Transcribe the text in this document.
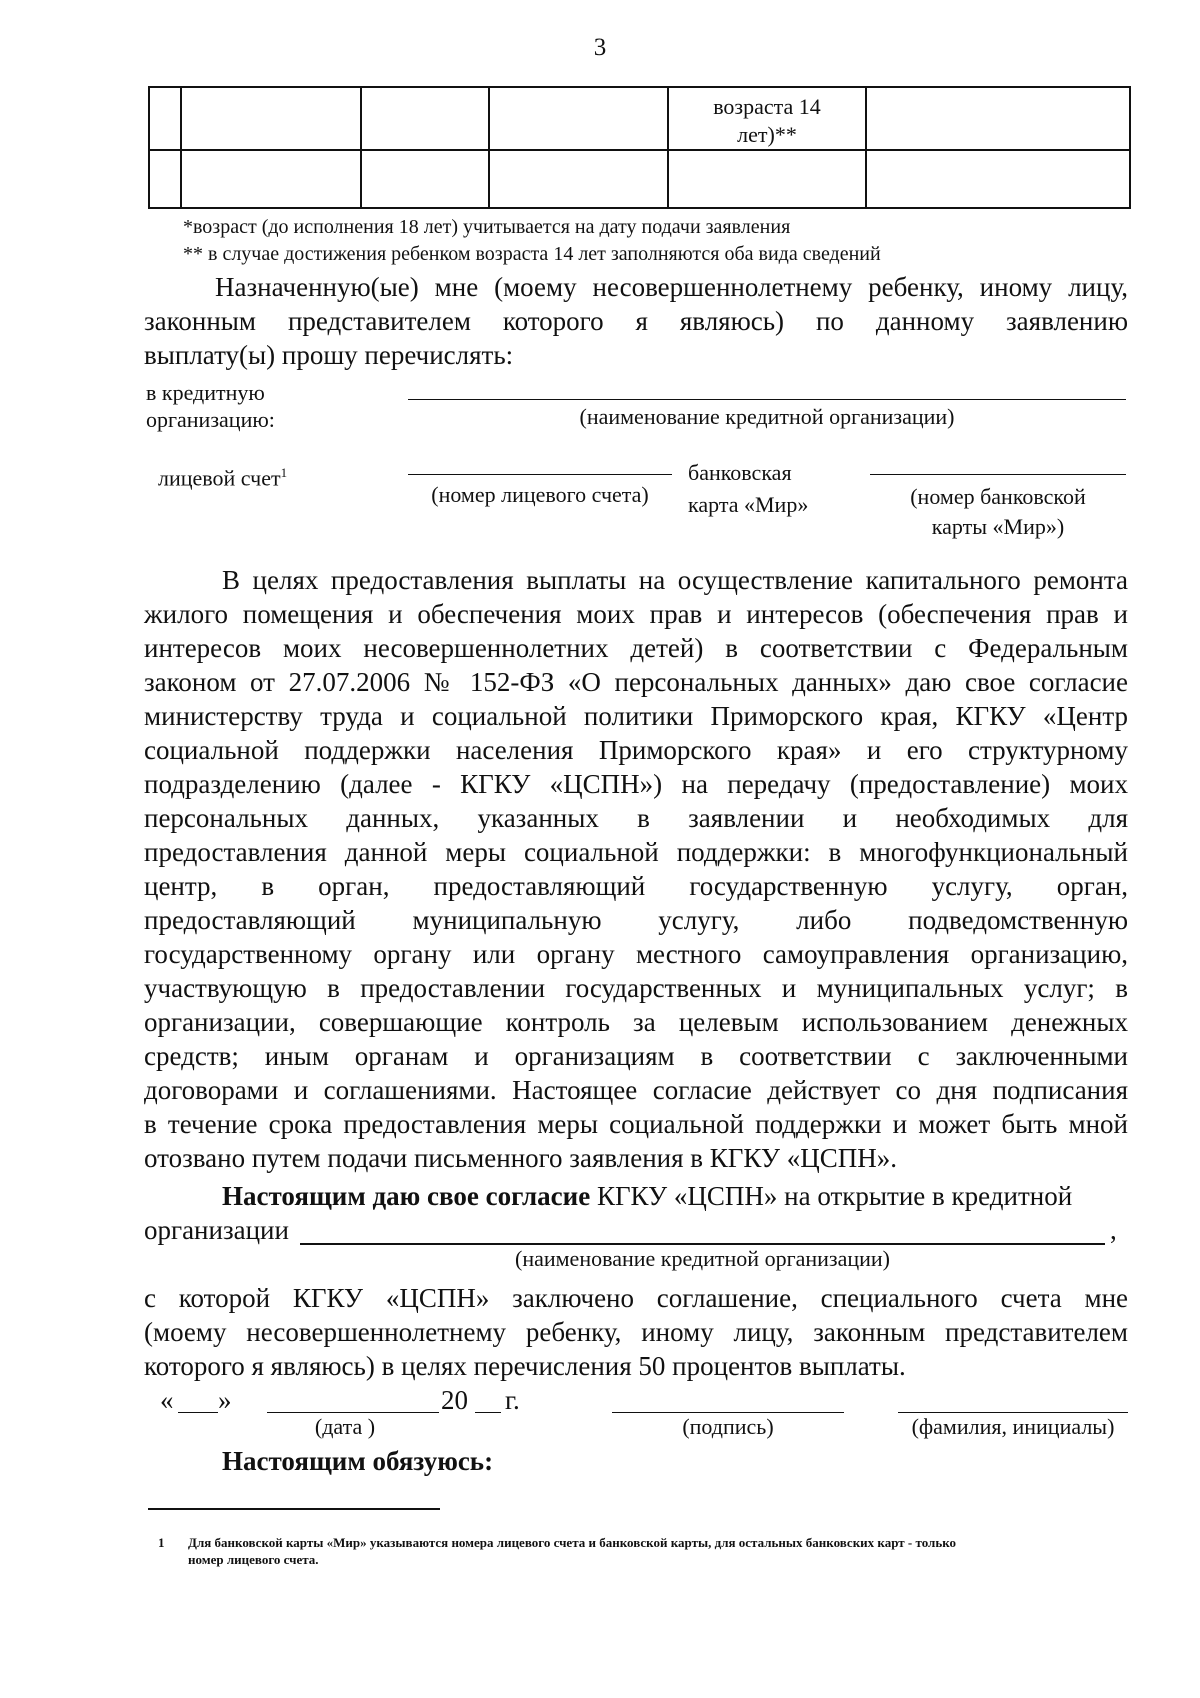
3

				возраста 14 лет)**	

*возраст (до исполнения 18 лет) учитывается на дату подачи заявления
** в случае достижения ребенком возраста 14 лет заполняются оба вида сведений
Назначенную(ые) мне (моему несовершеннолетнему ребенку, иному лицу,
законным представителем которого я являюсь) по данному заявлению
выплату(ы) прошу перечислять:
в кредитную
организацию:	(наименование кредитной организации)
лицевой счет$^1$
(номер лицевого счета)
банковская
карта «Мир»	(номер банковской
карты «Мир»)
В целях предоставления выплаты на осуществление капитального ремонта
жилого помещения и обеспечения моих прав и интересов (обеспечения прав и
интересов моих несовершеннолетних детей) в соответствии с Федеральным
законом от 27.07.2006 № 152-ФЗ «О персональных данных» даю свое согласие
министерству труда и социальной политики Приморского края, КГКУ «Центр
социальной поддержки населения Приморского края» и его структурному
подразделению (далее - КГКУ «ЦСПН») на передачу (предоставление) моих
персональных данных, указанных в заявлении и необходимых для
предоставления данной меры социальной поддержки: в многофункциональный
центр, в орган, предоставляющий государственную услугу, орган,
предоставляющий муниципальную услугу, либо подведомственную
государственному органу или органу местного самоуправления организацию,
участвующую в предоставлении государственных и муниципальных услуг; в
организации, совершающие контроль за целевым использованием денежных
средств; иным органам и организациям в соответствии с заключенными
договорами и соглашениями. Настоящее согласие действует со дня подписания
в течение срока предоставления меры социальной поддержки и может быть мной
отозвано путем подачи письменного заявления в КГКУ «ЦСПН».
Настоящим даю свое согласие КГКУ «ЦСПН» на открытие в кредитной
организации	,
(наименование кредитной организации)
с которой КГКУ «ЦСПН» заключено соглашение, специального счета мне
(моему несовершеннолетнему ребенку, иному лицу, законным представителем
которого я являюсь) в целях перечисления 50 процентов выплаты.
« »	20 г.
(дата )	(подпись)	(фамилия, инициалы)
Настоящим обязуюсь:
1 Для банковской карты «Мир» указываются номера лицевого счета и банковской карты, для остальных банковских карт - только
номер лицевого счета.
